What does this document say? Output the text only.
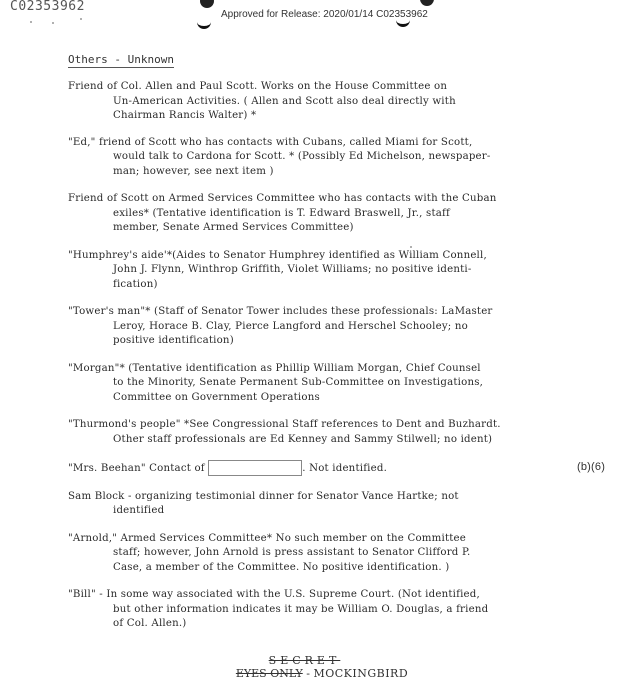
C02353962
Approved for Release: 2020/01/14 C02353962
Others - Unknown
Friend of Col. Allen and Paul Scott. Works on the House Committee on
Un-American Activities. ( Allen and Scott also deal directly with
Chairman Rancis Walter) *
"Ed," friend of Scott who has contacts with Cubans, called Miami for Scott,
would talk to Cardona for Scott. * (Possibly Ed Michelson, newspaper-
man; however, see next item )
Friend of Scott on Armed Services Committee who has contacts with the Cuban
exiles* (Tentative identification is T. Edward Braswell, Jr., staff
member, Senate Armed Services Committee)
"Humphrey's aide'*(Aides to Senator Humphrey identified as William Connell,
John J. Flynn, Winthrop Griffith, Violet Williams; no positive identi-
fication)
"Tower's man"* (Staff of Senator Tower includes these professionals: LaMaster
Leroy, Horace B. Clay, Pierce Langford and Herschel Schooley; no
positive identification)
"Morgan"* (Tentative identification as Phillip William Morgan, Chief Counsel
to the Minority, Senate Permanent Sub-Committee on Investigations,
Committee on Government Operations
"Thurmond's people" *See Congressional Staff references to Dent and Buzhardt.
Other staff professionals are Ed Kenney and Sammy Stilwell; no ident)
"Mrs. Beehan" Contact of	. Not identified.	(b)(6)
Sam Block - organizing testimonial dinner for Senator Vance Hartke; not
identified
"Arnold," Armed Services Committee* No such member on the Committee
staff; however, John Arnold is press assistant to Senator Clifford P.
Case, a member of the Committee. No positive identification. )
"Bill" - In some way associated with the U.S. Supreme Court. (Not identified,
but other information indicates it may be William O. Douglas, a friend
of Col. Allen.)
SECRET
EYES ONLY - MOCKINGBIRD
